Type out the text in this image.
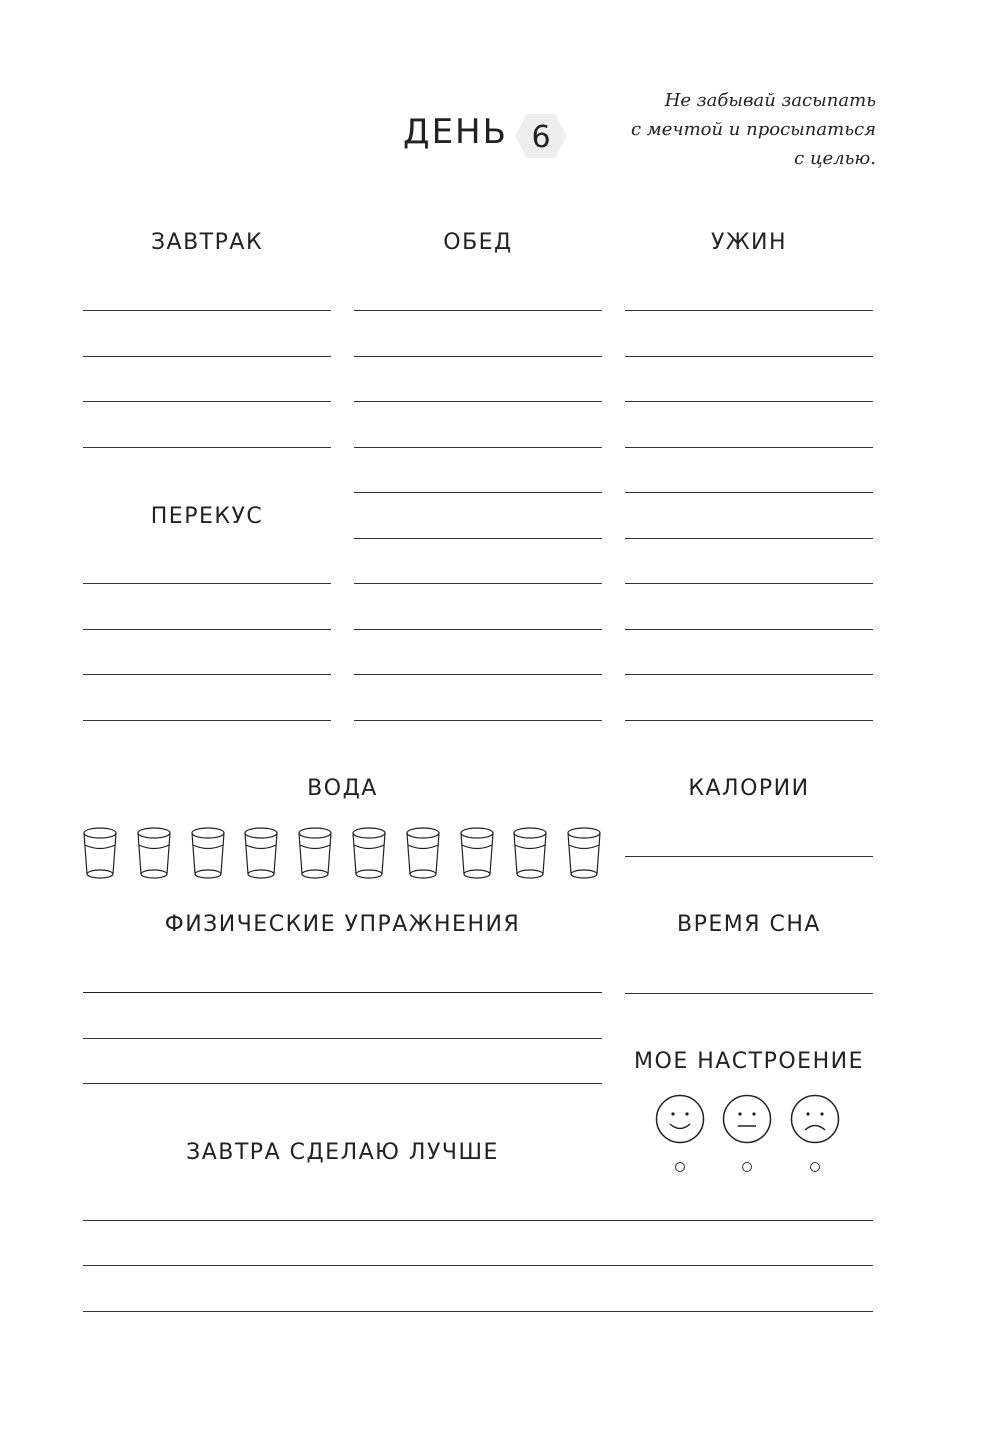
ДЕНЬ 6
Не забывай засыпать
с мечтой и просыпаться
с целью.
ЗАВТРАК	ОБЕД	УЖИН
ПЕРЕКУС
ВОДА	КАЛОРИИ
ФИЗИЧЕСКИЕ УПРАЖНЕНИЯ	ВРЕМЯ СНА
МОЕ НАСТРОЕНИЕ
ЗАВТРА СДЕЛАЮ ЛУЧШЕ
